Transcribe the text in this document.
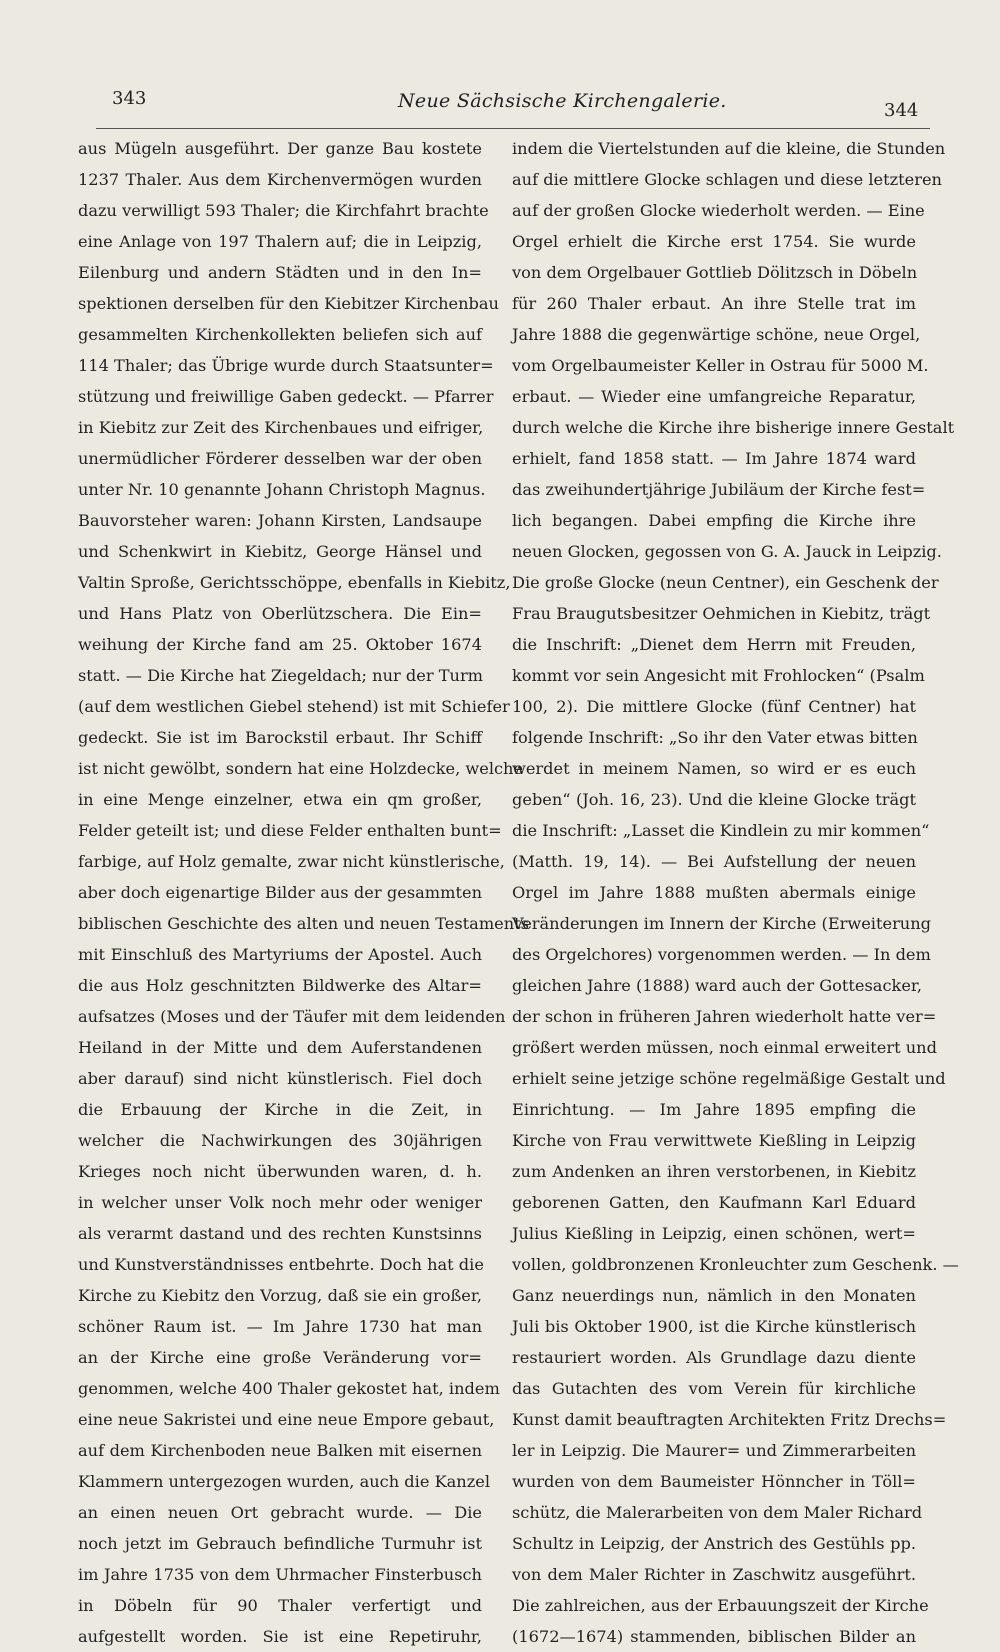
343	Neue Sächsische Kirchengalerie.	344
aus Mügeln ausgeführt. Der ganze Bau kostete
1237 Thaler. Aus dem Kirchenvermögen wurden
dazu verwilligt 593 Thaler; die Kirchfahrt brachte
eine Anlage von 197 Thalern auf; die in Leipzig,
Eilenburg und andern Städten und in den In=
spektionen derselben für den Kiebitzer Kirchenbau
gesammelten Kirchenkollekten beliefen sich auf
114 Thaler; das Übrige wurde durch Staatsunter=
stützung und freiwillige Gaben gedeckt. — Pfarrer
in Kiebitz zur Zeit des Kirchenbaues und eifriger,
unermüdlicher Förderer desselben war der oben
unter Nr. 10 genannte Johann Christoph Magnus.
Bauvorsteher waren: Johann Kirsten, Landsaupe
und Schenkwirt in Kiebitz, George Hänsel und
Valtin Sproße, Gerichtsschöppe, ebenfalls in Kiebitz,
und Hans Platz von Oberlützschera. Die Ein=
weihung der Kirche fand am 25. Oktober 1674
statt. — Die Kirche hat Ziegeldach; nur der Turm
(auf dem westlichen Giebel stehend) ist mit Schiefer
gedeckt. Sie ist im Barockstil erbaut. Ihr Schiff
ist nicht gewölbt, sondern hat eine Holzdecke, welche
in eine Menge einzelner, etwa ein qm großer,
Felder geteilt ist; und diese Felder enthalten bunt=
farbige, auf Holz gemalte, zwar nicht künstlerische,
aber doch eigenartige Bilder aus der gesammten
biblischen Geschichte des alten und neuen Testaments
mit Einschluß des Martyriums der Apostel. Auch
die aus Holz geschnitzten Bildwerke des Altar=
aufsatzes (Moses und der Täufer mit dem leidenden
Heiland in der Mitte und dem Auferstandenen
aber darauf) sind nicht künstlerisch. Fiel doch
die Erbauung der Kirche in die Zeit, in
welcher die Nachwirkungen des 30jährigen
Krieges noch nicht überwunden waren, d. h.
in welcher unser Volk noch mehr oder weniger
als verarmt dastand und des rechten Kunstsinns
und Kunstverständnisses entbehrte. Doch hat die
Kirche zu Kiebitz den Vorzug, daß sie ein großer,
schöner Raum ist. — Im Jahre 1730 hat man
an der Kirche eine große Veränderung vor=
genommen, welche 400 Thaler gekostet hat, indem
eine neue Sakristei und eine neue Empore gebaut,
auf dem Kirchenboden neue Balken mit eisernen
Klammern untergezogen wurden, auch die Kanzel
an einen neuen Ort gebracht wurde. — Die
noch jetzt im Gebrauch befindliche Turmuhr ist
im Jahre 1735 von dem Uhrmacher Finsterbusch
in Döbeln für 90 Thaler verfertigt und
aufgestellt worden. Sie ist eine Repetiruhr,
indem die Viertelstunden auf die kleine, die Stunden
auf die mittlere Glocke schlagen und diese letzteren
auf der großen Glocke wiederholt werden. — Eine
Orgel erhielt die Kirche erst 1754. Sie wurde
von dem Orgelbauer Gottlieb Dölitzsch in Döbeln
für 260 Thaler erbaut. An ihre Stelle trat im
Jahre 1888 die gegenwärtige schöne, neue Orgel,
vom Orgelbaumeister Keller in Ostrau für 5000 M.
erbaut. — Wieder eine umfangreiche Reparatur,
durch welche die Kirche ihre bisherige innere Gestalt
erhielt, fand 1858 statt. — Im Jahre 1874 ward
das zweihundertjährige Jubiläum der Kirche fest=
lich begangen. Dabei empfing die Kirche ihre
neuen Glocken, gegossen von G. A. Jauck in Leipzig.
Die große Glocke (neun Centner), ein Geschenk der
Frau Braugutsbesitzer Oehmichen in Kiebitz, trägt
die Inschrift: „Dienet dem Herrn mit Freuden,
kommt vor sein Angesicht mit Frohlocken“ (Psalm
100, 2). Die mittlere Glocke (fünf Centner) hat
folgende Inschrift: „So ihr den Vater etwas bitten
werdet in meinem Namen, so wird er es euch
geben“ (Joh. 16, 23). Und die kleine Glocke trägt
die Inschrift: „Lasset die Kindlein zu mir kommen“
(Matth. 19, 14). — Bei Aufstellung der neuen
Orgel im Jahre 1888 mußten abermals einige
Veränderungen im Innern der Kirche (Erweiterung
des Orgelchores) vorgenommen werden. — In dem
gleichen Jahre (1888) ward auch der Gottesacker,
der schon in früheren Jahren wiederholt hatte ver=
größert werden müssen, noch einmal erweitert und
erhielt seine jetzige schöne regelmäßige Gestalt und
Einrichtung. — Im Jahre 1895 empfing die
Kirche von Frau verwittwete Kießling in Leipzig
zum Andenken an ihren verstorbenen, in Kiebitz
geborenen Gatten, den Kaufmann Karl Eduard
Julius Kießling in Leipzig, einen schönen, wert=
vollen, goldbronzenen Kronleuchter zum Geschenk. —
Ganz neuerdings nun, nämlich in den Monaten
Juli bis Oktober 1900, ist die Kirche künstlerisch
restauriert worden. Als Grundlage dazu diente
das Gutachten des vom Verein für kirchliche
Kunst damit beauftragten Architekten Fritz Drechs=
ler in Leipzig. Die Maurer= und Zimmerarbeiten
wurden von dem Baumeister Hönncher in Töll=
schütz, die Malerarbeiten von dem Maler Richard
Schultz in Leipzig, der Anstrich des Gestühls pp.
von dem Maler Richter in Zaschwitz ausgeführt.
Die zahlreichen, aus der Erbauungszeit der Kirche
(1672—1674) stammenden, biblischen Bilder an
